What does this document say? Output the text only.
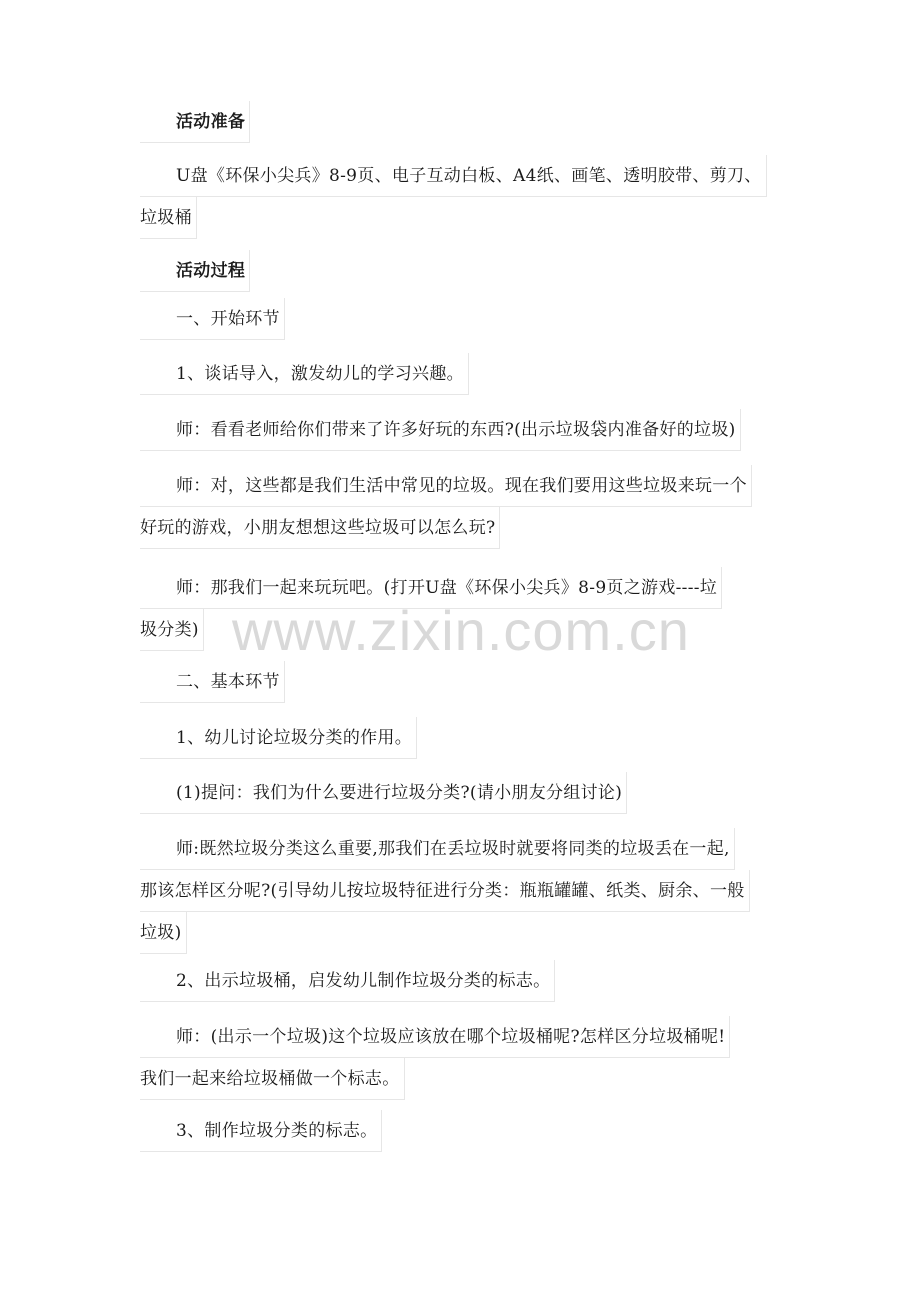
活动准备
U盘《环保小尖兵》8-9页、电子互动白板、A4纸、画笔、透明胶带、剪刀、
垃圾桶
活动过程
一、开始环节
1、谈话导入，激发幼儿的学习兴趣。
师：看看老师给你们带来了许多好玩的东西?(出示垃圾袋内准备好的垃圾)
师：对，这些都是我们生活中常见的垃圾。现在我们要用这些垃圾来玩一个
好玩的游戏，小朋友想想这些垃圾可以怎么玩?
师：那我们一起来玩玩吧。(打开U盘《环保小尖兵》8-9页之游戏----垃
圾分类)
二、基本环节
1、幼儿讨论垃圾分类的作用。
(1)提问：我们为什么要进行垃圾分类?(请小朋友分组讨论)
师:既然垃圾分类这么重要,那我们在丢垃圾时就要将同类的垃圾丢在一起,
那该怎样区分呢?(引导幼儿按垃圾特征进行分类：瓶瓶罐罐、纸类、厨余、一般
垃圾)
2、出示垃圾桶，启发幼儿制作垃圾分类的标志。
师：(出示一个垃圾)这个垃圾应该放在哪个垃圾桶呢?怎样区分垃圾桶呢!
我们一起来给垃圾桶做一个标志。
3、制作垃圾分类的标志。
www.zixin.com.cn
